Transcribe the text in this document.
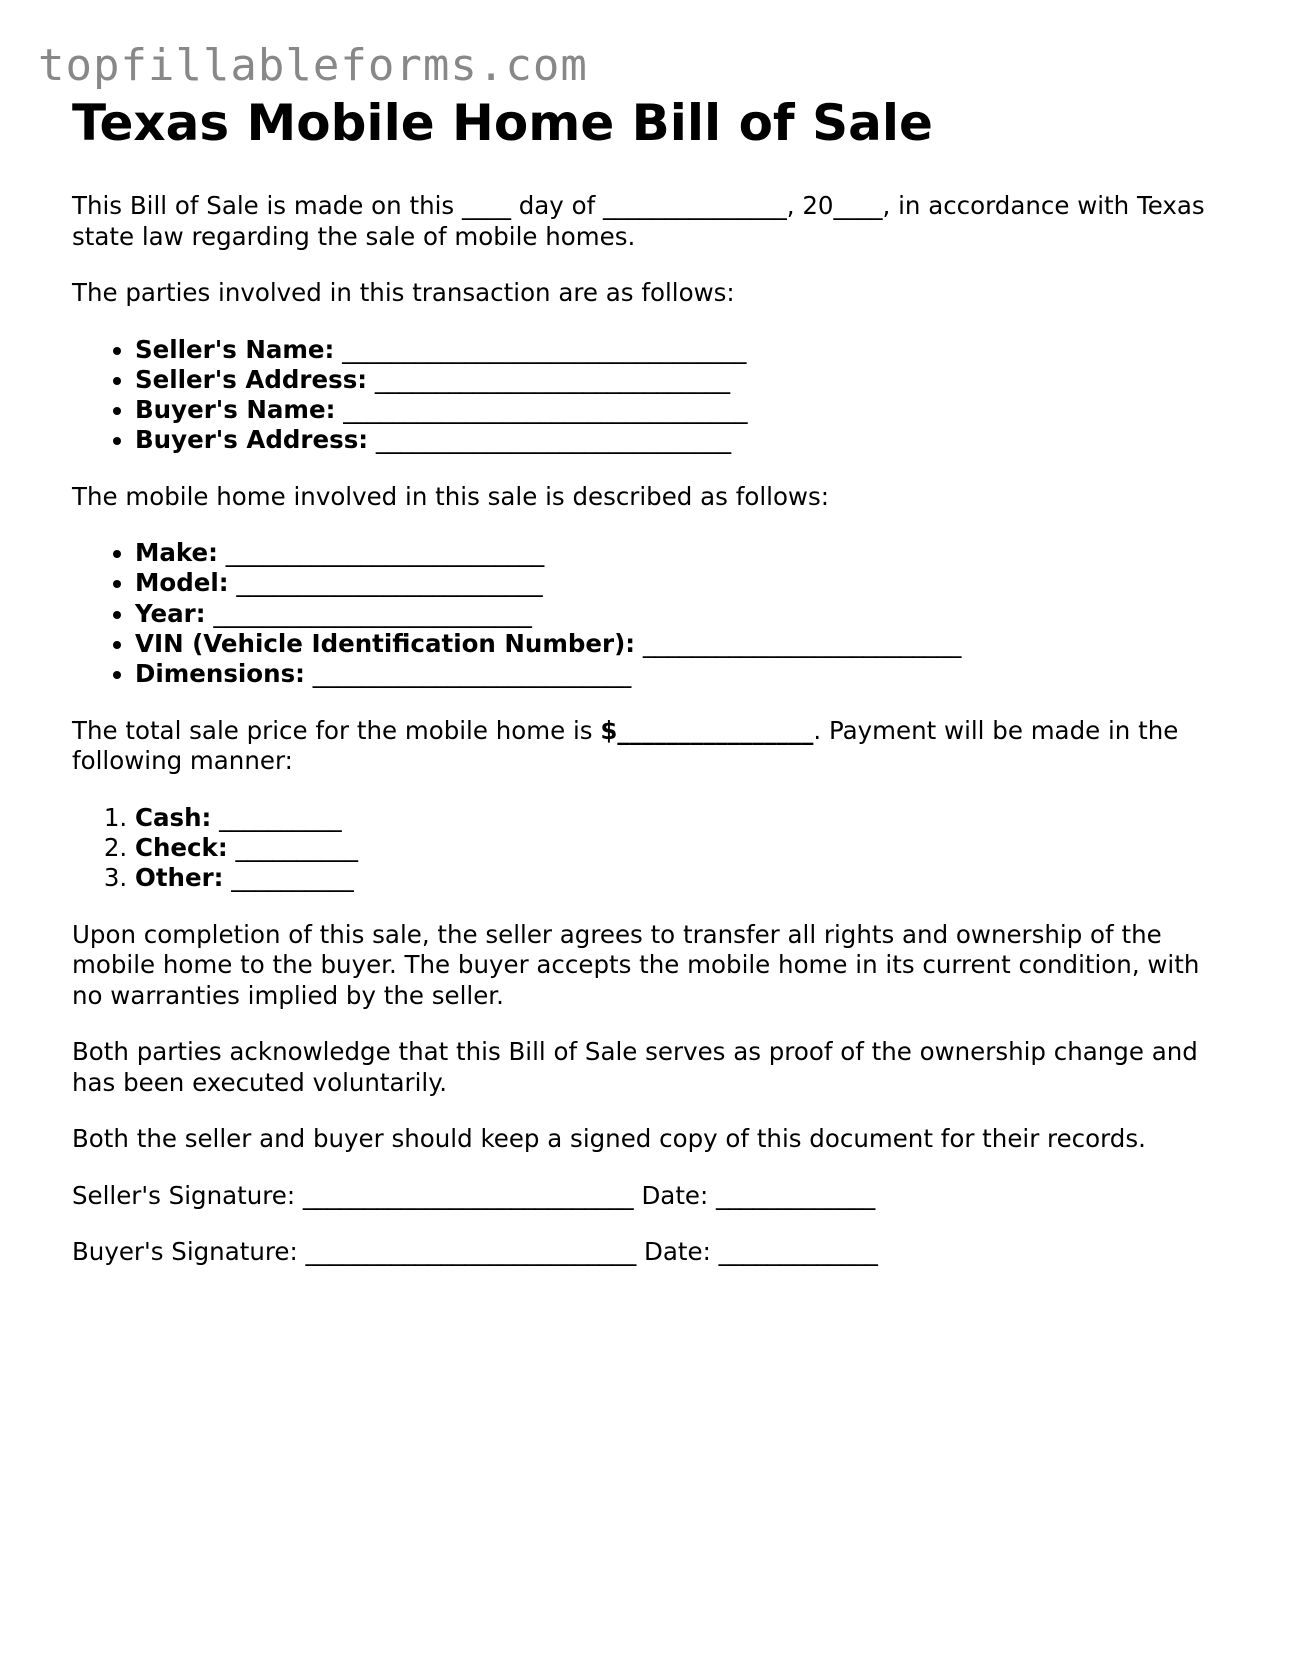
topfillableforms.com
Texas Mobile Home Bill of Sale

This Bill of Sale is made on this ____ day of _______________, 20____, in accordance with Texas state law regarding the sale of mobile homes.

The parties involved in this transaction are as follows:

• Seller's Name: _________________________________
• Seller's Address: _____________________________
• Buyer's Name: _________________________________
• Buyer's Address: _____________________________

The mobile home involved in this sale is described as follows:

• Make: __________________________
• Model: _________________________
• Year: __________________________
• VIN (Vehicle Identification Number): __________________________
• Dimensions: __________________________

The total sale price for the mobile home is $________________. Payment will be made in the following manner:

1. Cash: __________
2. Check: __________
3. Other: __________

Upon completion of this sale, the seller agrees to transfer all rights and ownership of the mobile home to the buyer. The buyer accepts the mobile home in its current condition, with no warranties implied by the seller.

Both parties acknowledge that this Bill of Sale serves as proof of the ownership change and has been executed voluntarily.

Both the seller and buyer should keep a signed copy of this document for their records.

Seller's Signature: ___________________________ Date: _____________

Buyer's Signature: ___________________________ Date: _____________
